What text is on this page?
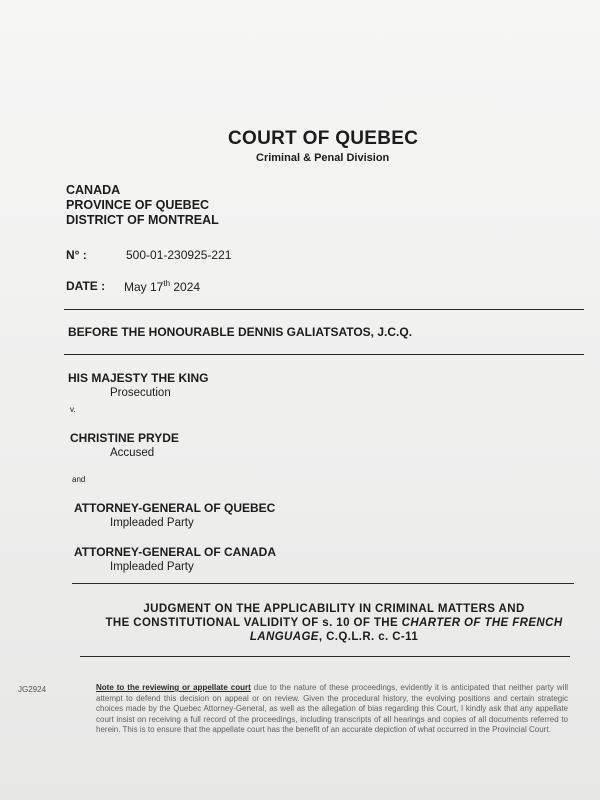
COURT OF QUEBEC
Criminal & Penal Division
CANADA
PROVINCE OF QUEBEC
DISTRICT OF MONTREAL
N° :	500-01-230925-221
DATE : May 17th 2024
BEFORE THE HONOURABLE DENNIS GALIATSATOS, J.C.Q.
HIS MAJESTY THE KING
Prosecution
v.
CHRISTINE PRYDE
Accused
and
ATTORNEY-GENERAL OF QUEBEC
Impleaded Party
ATTORNEY-GENERAL OF CANADA
Impleaded Party
JUDGMENT ON THE APPLICABILITY IN CRIMINAL MATTERS AND
THE CONSTITUTIONAL VALIDITY OF s. 10 OF THE CHARTER OF THE FRENCH
LANGUAGE, C.Q.L.R. c. C-11
JG2924	Note to the reviewing or appellate court due to the nature of these proceedings, evidently it is anticipated that neither party will attempt to defend this decision on appeal or on review. Given the procedural history, the evolving positions and certain strategic choices made by the Quebec Attorney-General, as well as the allegation of bias regarding this Court, I kindly ask that any appellate court insist on receiving a full record of the proceedings, including transcripts of all hearings and copies of all documents referred to herein. This is to ensure that the appellate court has the benefit of an accurate depiction of what occurred in the Provincial Court.
